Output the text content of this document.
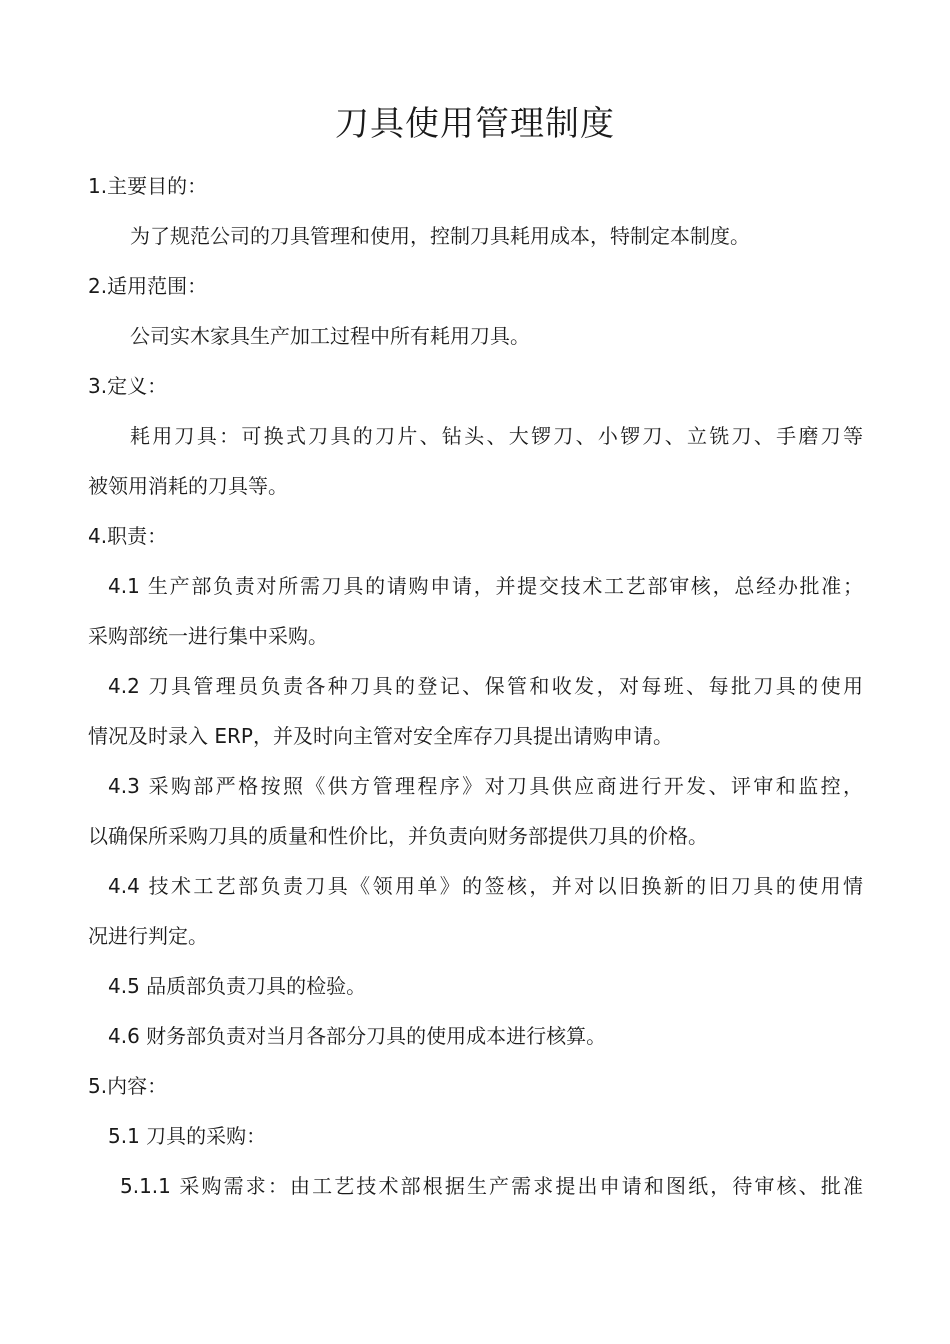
刀具使用管理制度

1.主要目的：

为了规范公司的刀具管理和使用，控制刀具耗用成本，特制定本制度。

2.适用范围：

公司实木家具生产加工过程中所有耗用刀具。

3.定义：

耗用刀具：可换式刀具的刀片、钻头、大锣刀、小锣刀、立铣刀、手磨刀等

被领用消耗的刀具等。

4.职责：

4.1 生产部负责对所需刀具的请购申请，并提交技术工艺部审核，总经办批准；

采购部统一进行集中采购。

4.2 刀具管理员负责各种刀具的登记、保管和收发，对每班、每批刀具的使用

情况及时录入 ERP，并及时向主管对安全库存刀具提出请购申请。

4.3 采购部严格按照《供方管理程序》对刀具供应商进行开发、评审和监控，

以确保所采购刀具的质量和性价比，并负责向财务部提供刀具的价格。

4.4 技术工艺部负责刀具《领用单》的签核，并对以旧换新的旧刀具的使用情

况进行判定。

4.5 品质部负责刀具的检验。

4.6 财务部负责对当月各部分刀具的使用成本进行核算。

5.内容：

5.1 刀具的采购：

5.1.1 采购需求：由工艺技术部根据生产需求提出申请和图纸，待审核、批准
